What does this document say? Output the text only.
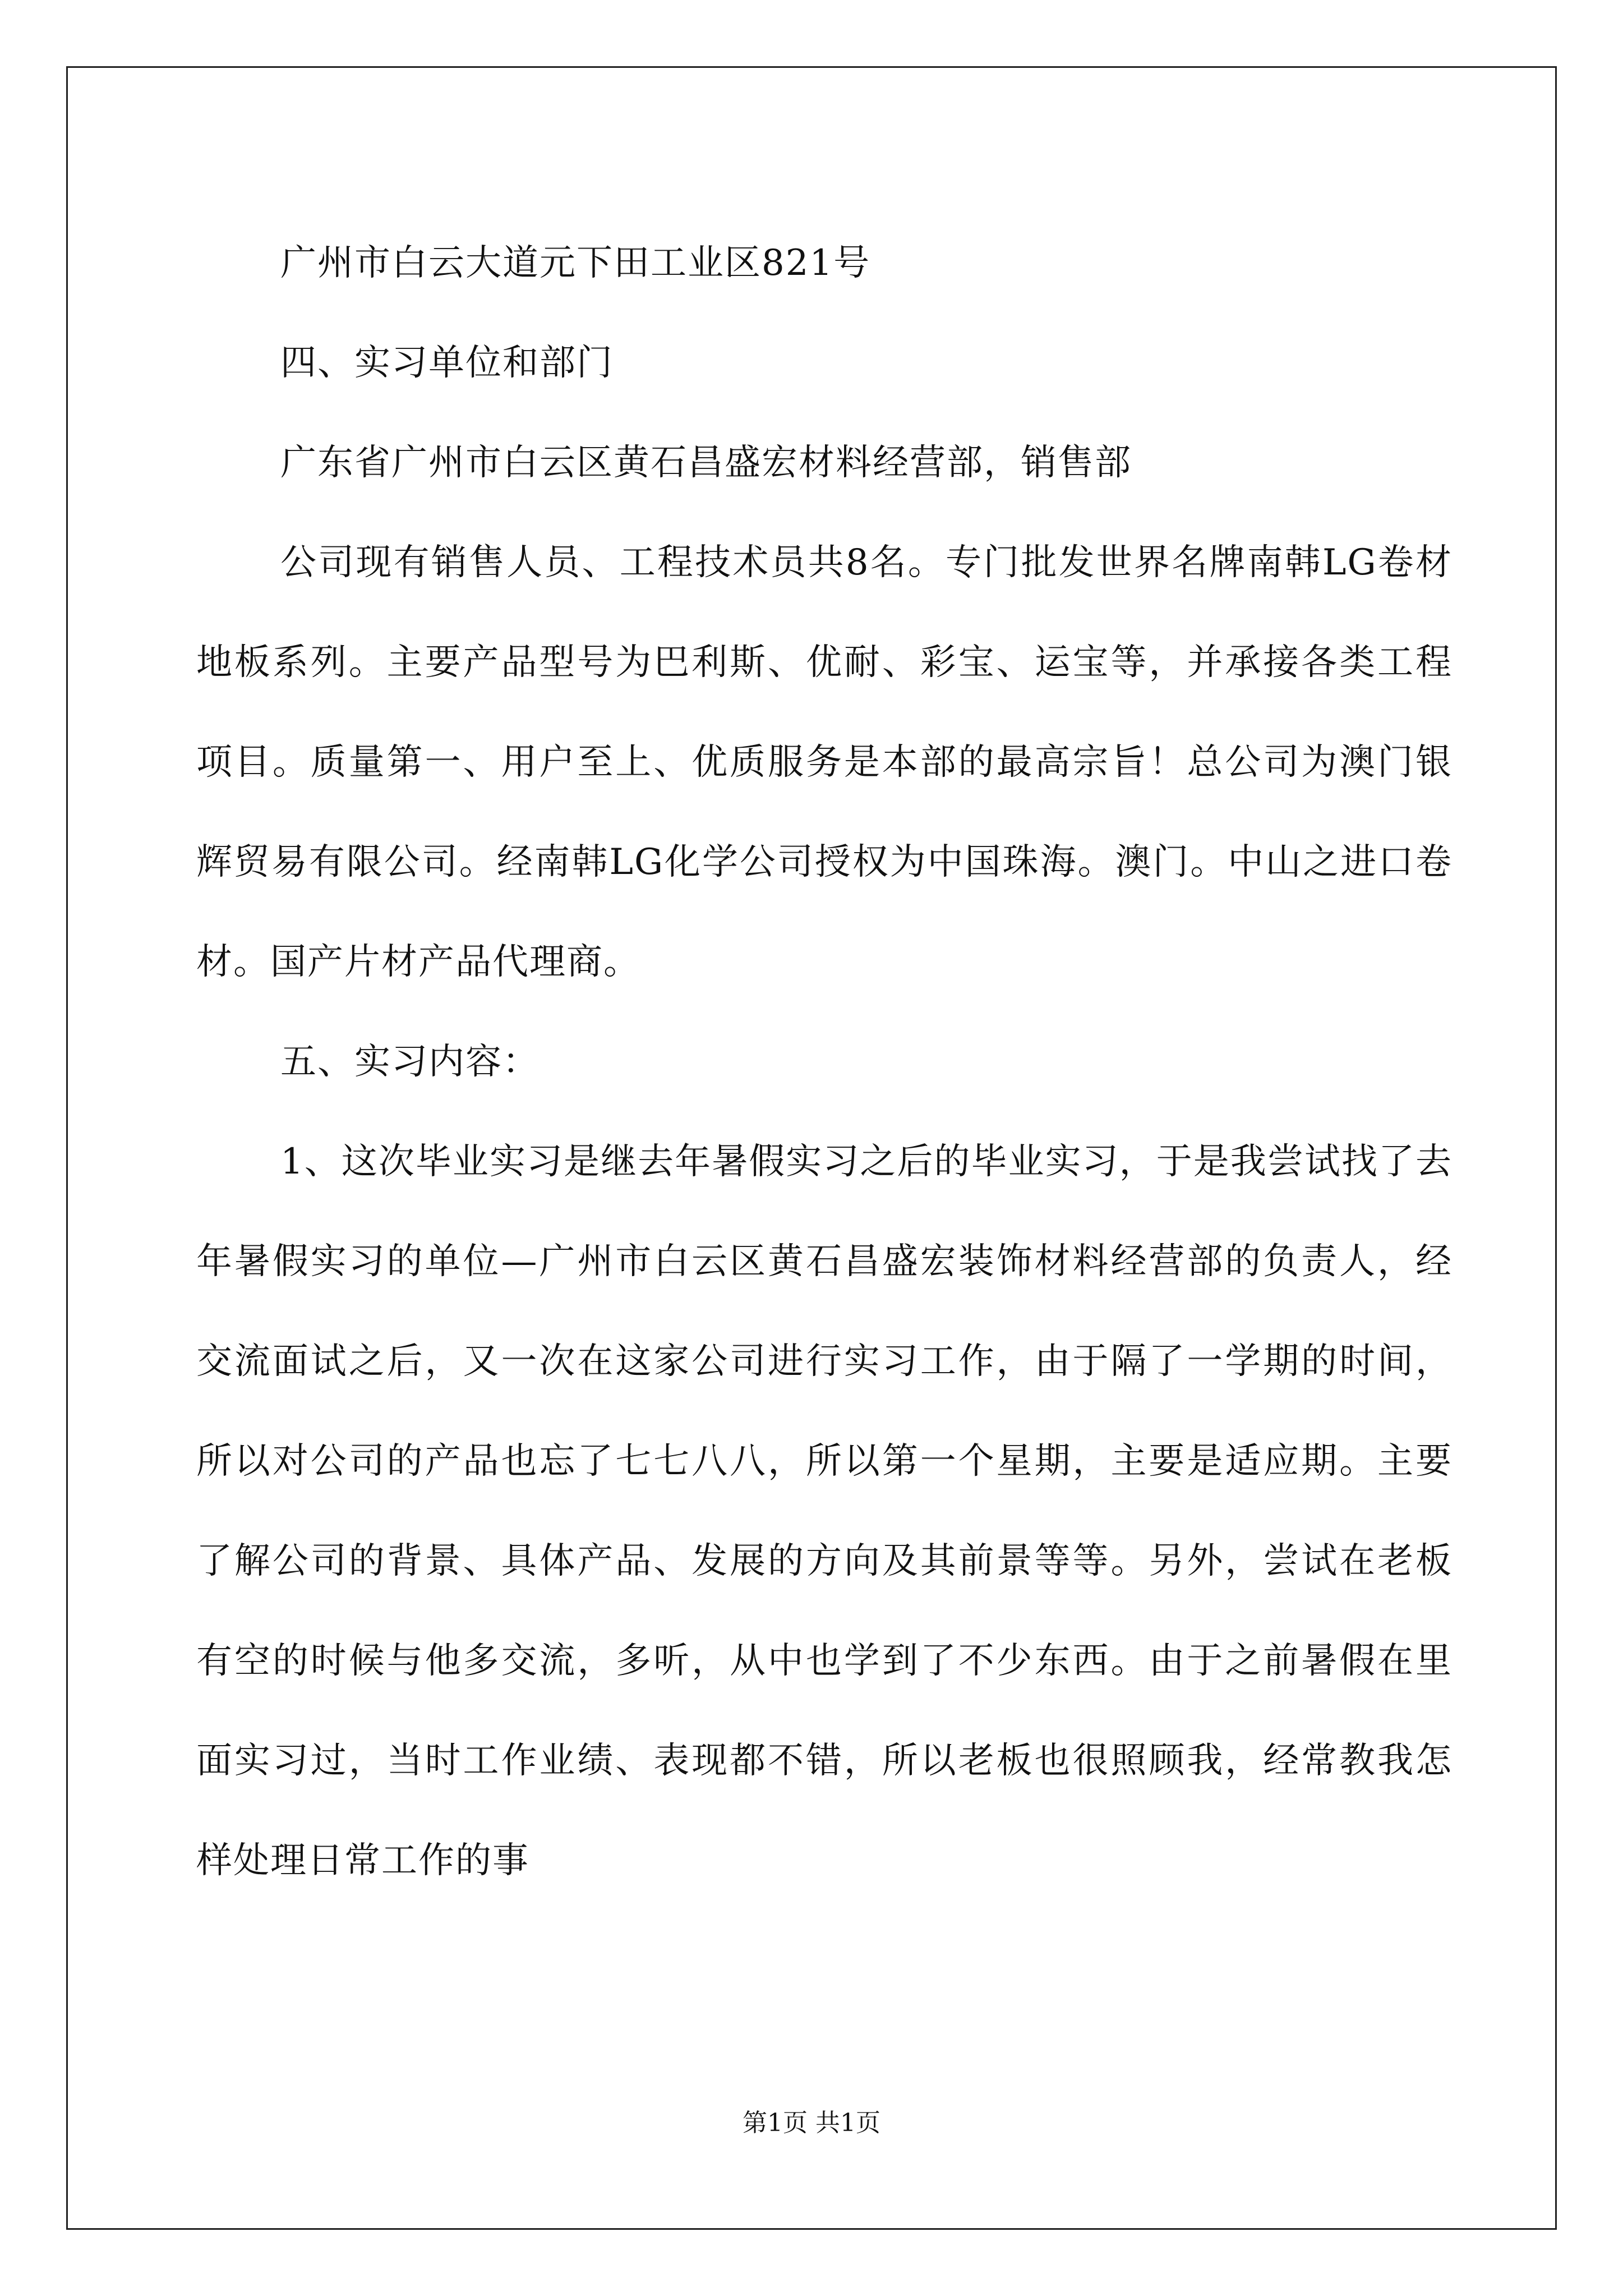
广州市白云大道元下田工业区821号

四、实习单位和部门

广东省广州市白云区黄石昌盛宏材料经营部，销售部

公司现有销售人员、工程技术员共8名。专门批发世界名牌南韩LG卷材地板系列。主要产品型号为巴利斯、优耐、彩宝、运宝等，并承接各类工程项目。质量第一、用户至上、优质服务是本部的最高宗旨！总公司为澳门银辉贸易有限公司。经南韩LG化学公司授权为中国珠海。澳门。中山之进口卷材。国产片材产品代理商。

五、实习内容：

1、这次毕业实习是继去年暑假实习之后的毕业实习，于是我尝试找了去年暑假实习的单位—广州市白云区黄石昌盛宏装饰材料经营部的负责人，经交流面试之后，又一次在这家公司进行实习工作，由于隔了一学期的时间，所以对公司的产品也忘了七七八八，所以第一个星期，主要是适应期。主要了解公司的背景、具体产品、发展的方向及其前景等等。另外，尝试在老板有空的时候与他多交流，多听，从中也学到了不少东西。由于之前暑假在里面实习过，当时工作业绩、表现都不错，所以老板也很照顾我，经常教我怎样处理日常工作的事

第1页 共1页
